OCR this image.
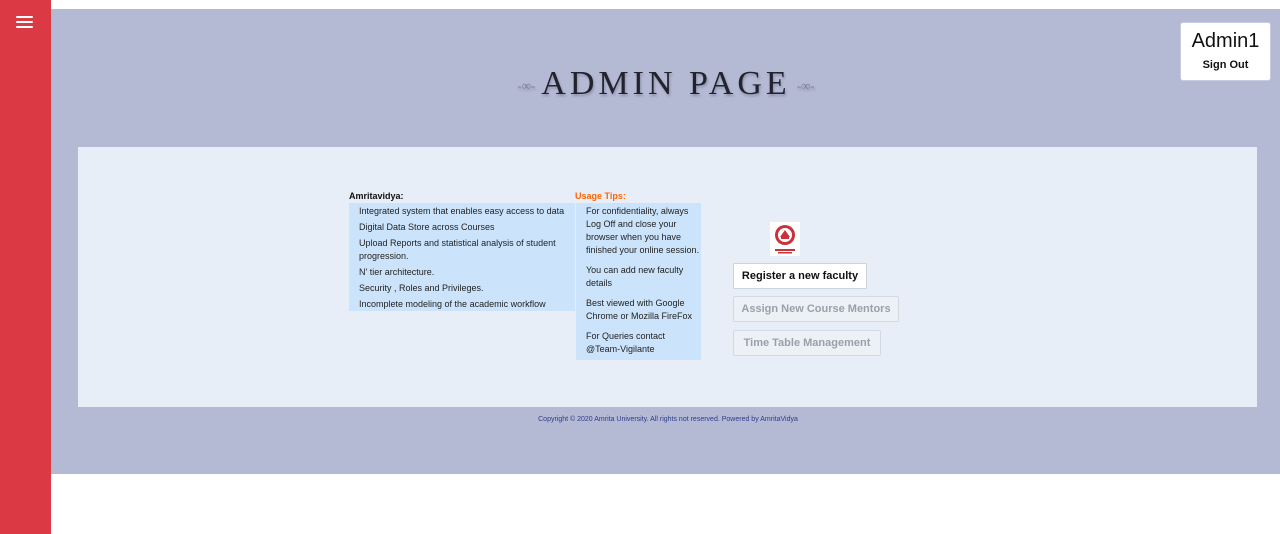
Admin1
Sign Out
-∞- ADMIN PAGE -∞-
Amritavidya:	Usage Tips:
Integrated system that enables easy access to data
Digital Data Store across Courses
Upload Reports and statistical analysis of student progression.
N' tier architecture.
Security , Roles and Privileges.
Incomplete modeling of the academic workflow
For confidentiality, always Log Off and close your browser when you have finished your online session.
You can add new faculty details
Best viewed with Google Chrome or Mozilla FireFox
For Queries contact @Team-Vigilante
Register a new faculty
Assign New Course Mentors
Time Table Management
Copyright © 2020 Amrita University. All rights not reserved. Powered by AmritaVidya
